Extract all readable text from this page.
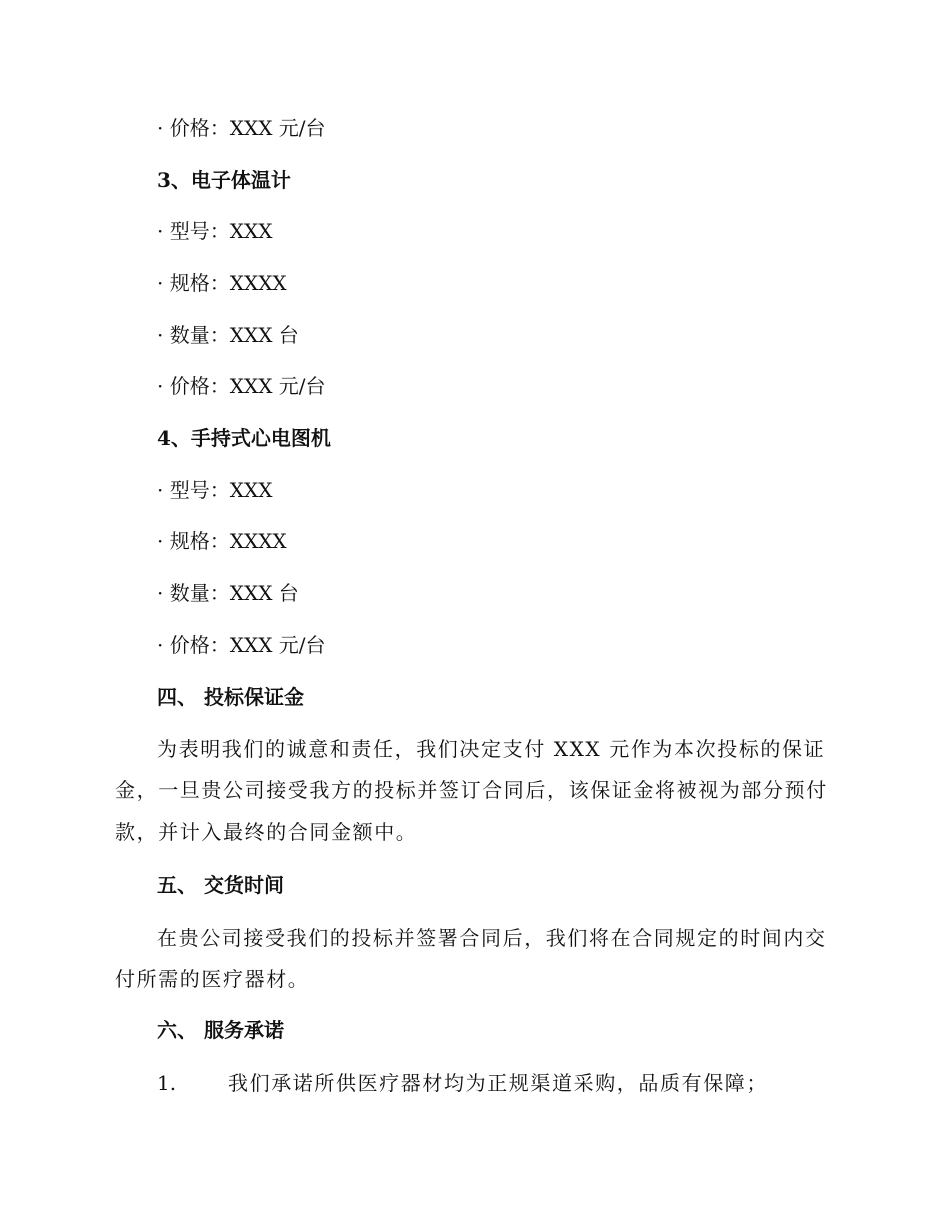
· 价格：XXX 元/台
3、电子体温计
· 型号：XXX
· 规格：XXXX
· 数量：XXX 台
· 价格：XXX 元/台
4、手持式心电图机
· 型号：XXX
· 规格：XXXX
· 数量：XXX 台
· 价格：XXX 元/台
四、 投标保证金
为表明我们的诚意和责任，我们决定支付 XXX 元作为本次投标的保证
金，一旦贵公司接受我方的投标并签订合同后，该保证金将被视为部分预付
款，并计入最终的合同金额中。
五、 交货时间
在贵公司接受我们的投标并签署合同后，我们将在合同规定的时间内交
付所需的医疗器材。
六、 服务承诺
1.	我们承诺所供医疗器材均为正规渠道采购，品质有保障；
